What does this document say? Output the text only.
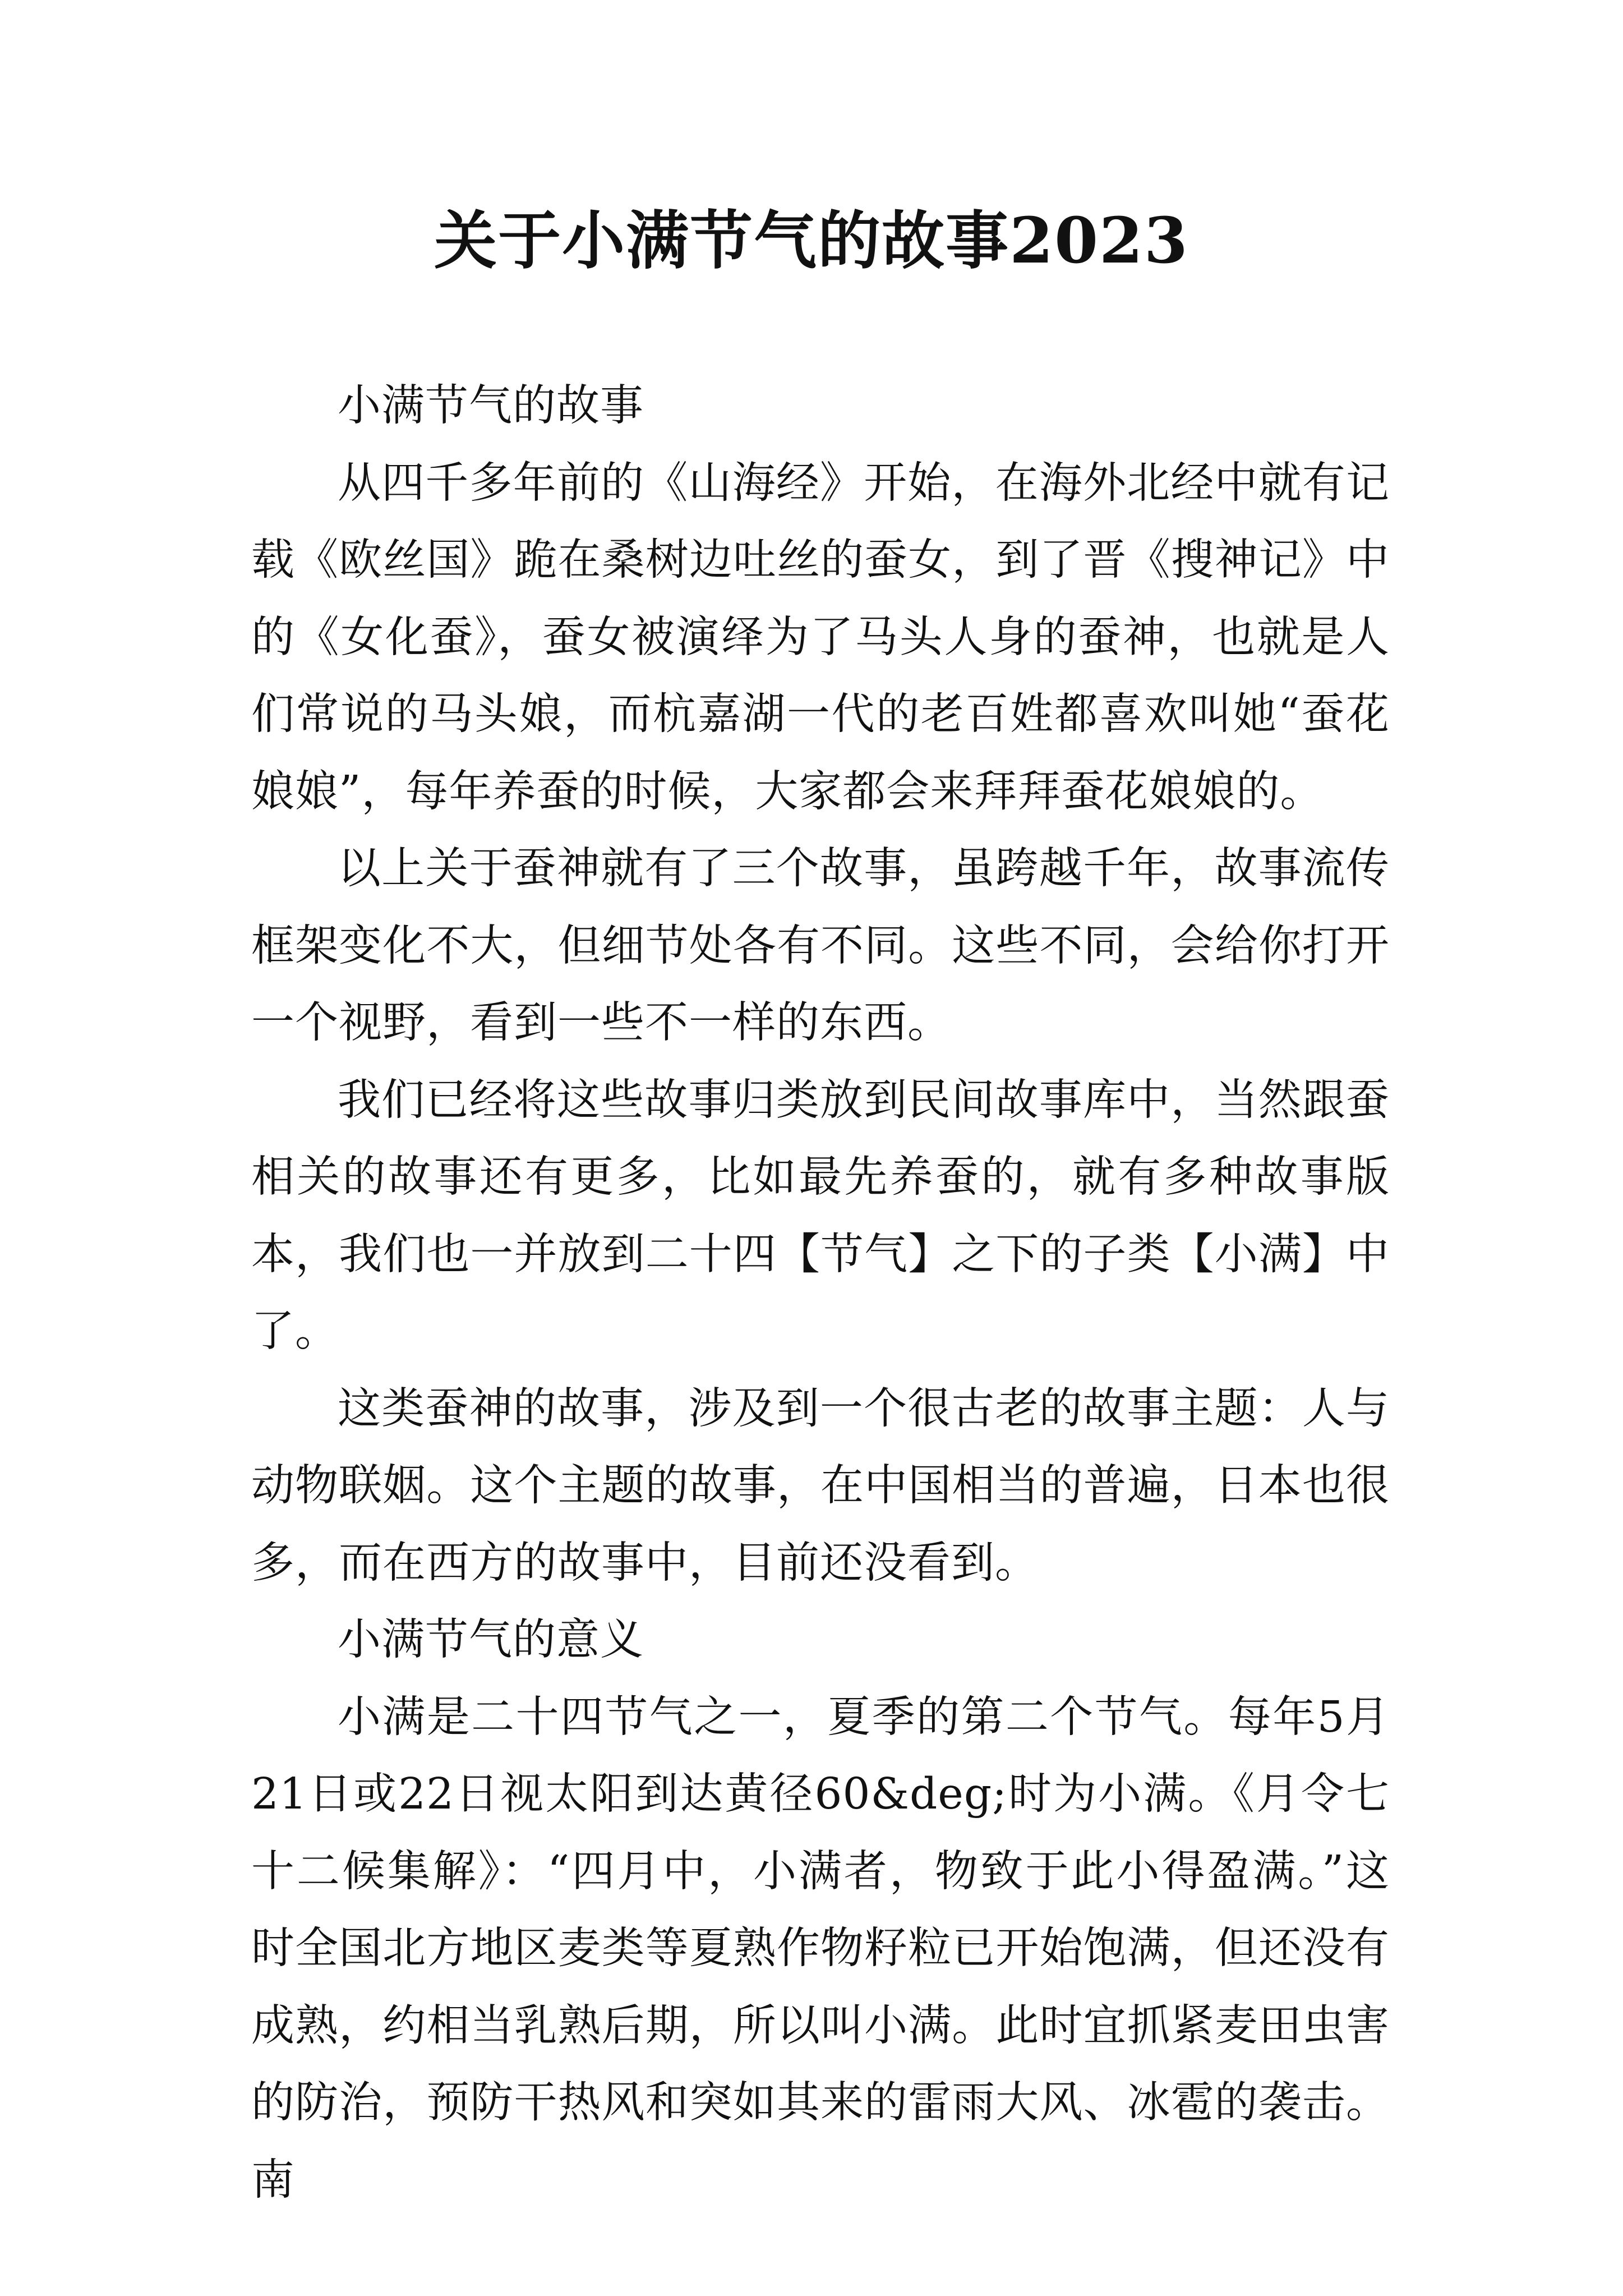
关于小满节气的故事2023

小满节气的故事

从四千多年前的《山海经》开始，在海外北经中就有记载《欧丝国》跪在桑树边吐丝的蚕女，到了晋《搜神记》中的《女化蚕》，蚕女被演绎为了马头人身的蚕神，也就是人们常说的马头娘，而杭嘉湖一代的老百姓都喜欢叫她“蚕花娘娘”，每年养蚕的时候，大家都会来拜拜蚕花娘娘的。

以上关于蚕神就有了三个故事，虽跨越千年，故事流传框架变化不大，但细节处各有不同。这些不同，会给你打开一个视野，看到一些不一样的东西。

我们已经将这些故事归类放到民间故事库中，当然跟蚕相关的故事还有更多，比如最先养蚕的，就有多种故事版本，我们也一并放到二十四【节气】之下的子类【小满】中了。

这类蚕神的故事，涉及到一个很古老的故事主题：人与动物联姻。这个主题的故事，在中国相当的普遍，日本也很多，而在西方的故事中，目前还没看到。

小满节气的意义

小满是二十四节气之一，夏季的第二个节气。每年5月21日或22日视太阳到达黄径60&deg;时为小满。《月令七十二候集解》：“四月中，小满者，物致于此小得盈满。”这时全国北方地区麦类等夏熟作物籽粒已开始饱满，但还没有成熟，约相当乳熟后期，所以叫小满。此时宜抓紧麦田虫害的防治，预防干热风和突如其来的雷雨大风、冰雹的袭击。南
